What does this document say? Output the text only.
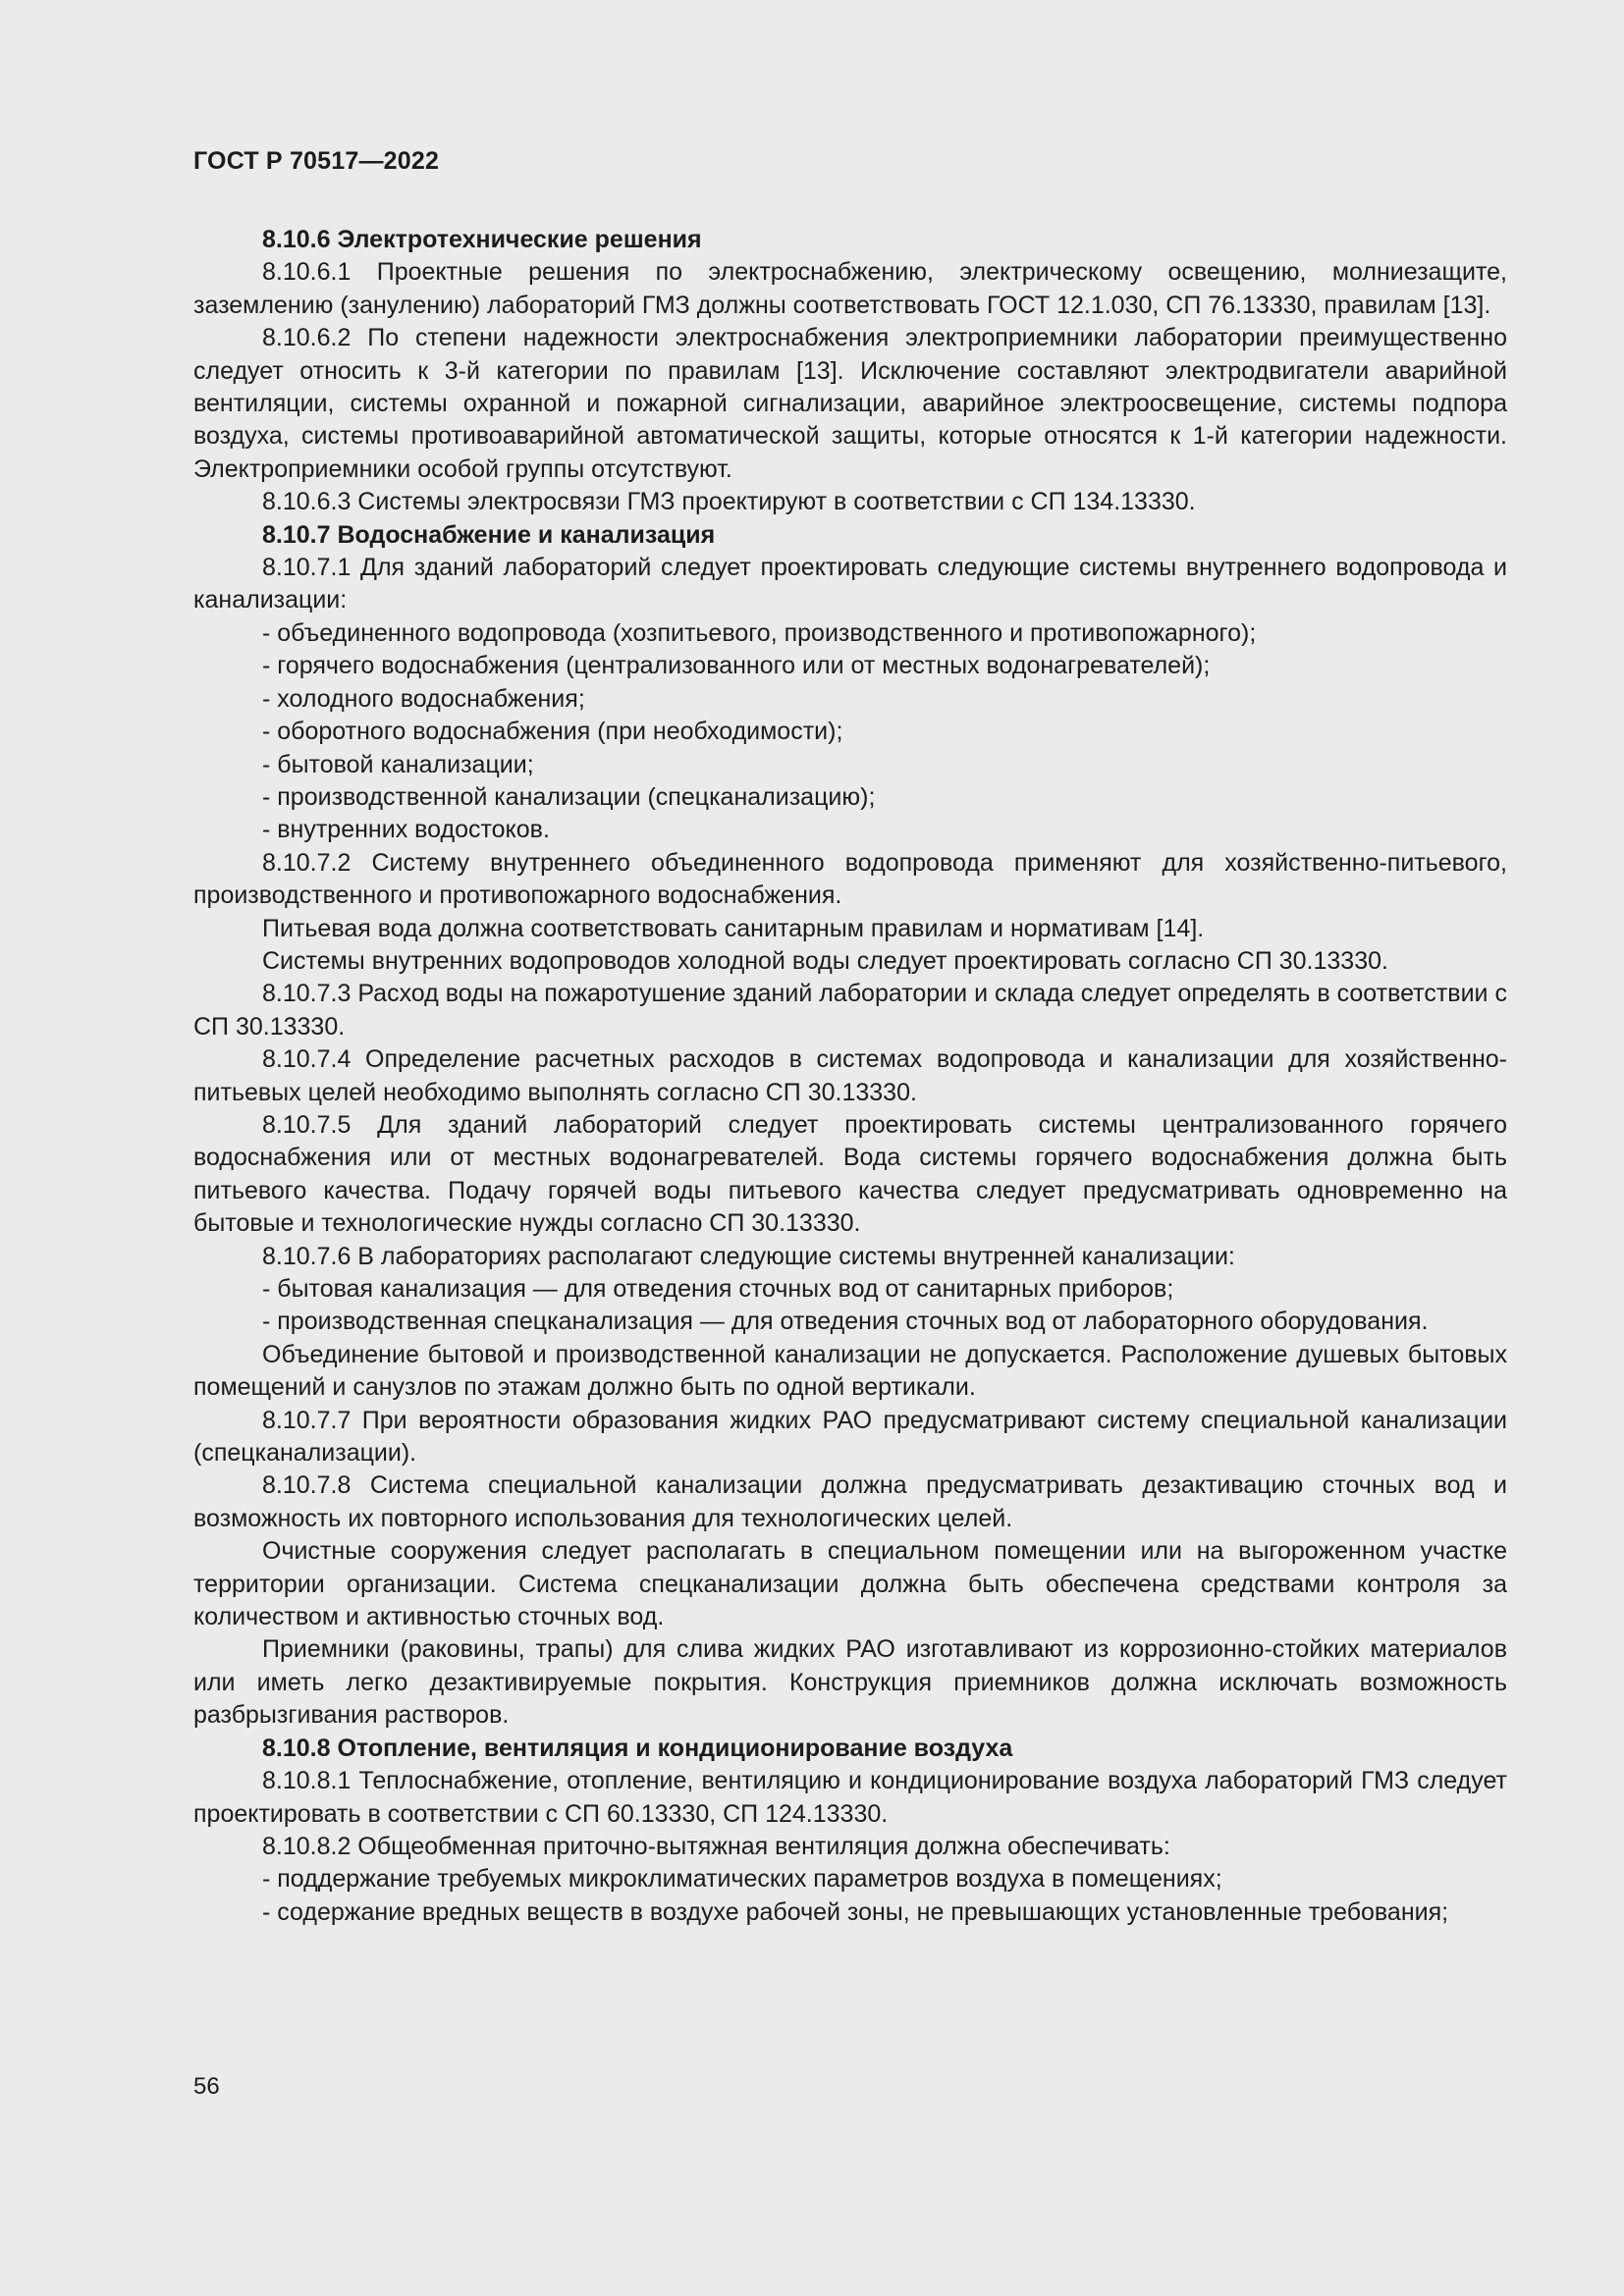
ГОСТ Р 70517—2022

8.10.6 Электротехнические решения

8.10.6.1 Проектные решения по электроснабжению, электрическому освещению, молниезащите, заземлению (занулению) лабораторий ГМЗ должны соответствовать ГОСТ 12.1.030, СП 76.13330, правилам [13].

8.10.6.2 По степени надежности электроснабжения электроприемники лаборатории преимущественно следует относить к 3-й категории по правилам [13]. Исключение составляют электродвигатели аварийной вентиляции, системы охранной и пожарной сигнализации, аварийное электроосвещение, системы подпора воздуха, системы противоаварийной автоматической защиты, которые относятся к 1-й категории надежности. Электроприемники особой группы отсутствуют.

8.10.6.3 Системы электросвязи ГМЗ проектируют в соответствии с СП 134.13330.

8.10.7 Водоснабжение и канализация

8.10.7.1 Для зданий лабораторий следует проектировать следующие системы внутреннего водопровода и канализации:

- объединенного водопровода (хозпитьевого, производственного и противопожарного);

- горячего водоснабжения (централизованного или от местных водонагревателей);

- холодного водоснабжения;

- оборотного водоснабжения (при необходимости);

- бытовой канализации;

- производственной канализации (спецканализацию);

- внутренних водостоков.

8.10.7.2 Систему внутреннего объединенного водопровода применяют для хозяйственно-питьевого, производственного и противопожарного водоснабжения.

Питьевая вода должна соответствовать санитарным правилам и нормативам [14].

Системы внутренних водопроводов холодной воды следует проектировать согласно СП 30.13330.

8.10.7.3 Расход воды на пожаротушение зданий лаборатории и склада следует определять в соответствии с СП 30.13330.

8.10.7.4 Определение расчетных расходов в системах водопровода и канализации для хозяйственно-питьевых целей необходимо выполнять согласно СП 30.13330.

8.10.7.5 Для зданий лабораторий следует проектировать системы централизованного горячего водоснабжения или от местных водонагревателей. Вода системы горячего водоснабжения должна быть питьевого качества. Подачу горячей воды питьевого качества следует предусматривать одновременно на бытовые и технологические нужды согласно СП 30.13330.

8.10.7.6 В лабораториях располагают следующие системы внутренней канализации:

- бытовая канализация — для отведения сточных вод от санитарных приборов;

- производственная спецканализация — для отведения сточных вод от лабораторного оборудования.

Объединение бытовой и производственной канализации не допускается. Расположение душевых бытовых помещений и санузлов по этажам должно быть по одной вертикали.

8.10.7.7 При вероятности образования жидких РАО предусматривают систему специальной канализации (спецканализации).

8.10.7.8 Система специальной канализации должна предусматривать дезактивацию сточных вод и возможность их повторного использования для технологических целей.

Очистные сооружения следует располагать в специальном помещении или на выгороженном участке территории организации. Система спецканализации должна быть обеспечена средствами контроля за количеством и активностью сточных вод.

Приемники (раковины, трапы) для слива жидких РАО изготавливают из коррозионно-стойких материалов или иметь легко дезактивируемые покрытия. Конструкция приемников должна исключать возможность разбрызгивания растворов.

8.10.8 Отопление, вентиляция и кондиционирование воздуха

8.10.8.1 Теплоснабжение, отопление, вентиляцию и кондиционирование воздуха лабораторий ГМЗ следует проектировать в соответствии с СП 60.13330, СП 124.13330.

8.10.8.2 Общеобменная приточно-вытяжная вентиляция должна обеспечивать:

- поддержание требуемых микроклиматических параметров воздуха в помещениях;

- содержание вредных веществ в воздухе рабочей зоны, не превышающих установленные требования;

56
